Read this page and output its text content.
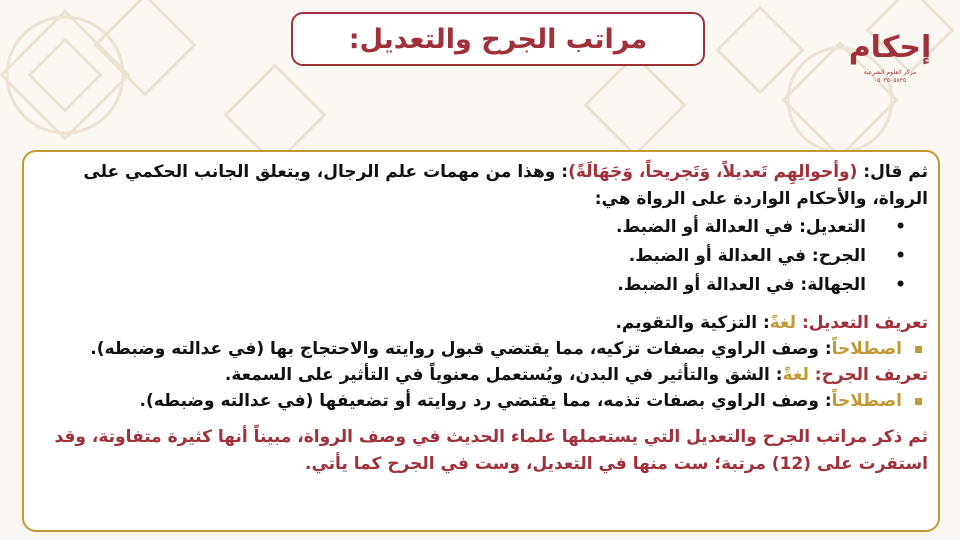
مراتب الجرح والتعديل:	إحكام
مركز العلوم الشرعية
٠٥٠٣٥٠٥٨٣٥

ثم قال: (وأحوالِهِم تَعديلاً، وَتَجريحاً، وَجَهَالَةً): وهذا من مهمات علم الرجال، ويتعلق الجانب الحكمي على الرواة، والأحكام الواردة على الرواة هي:

• التعديل: في العدالة أو الضبط.
• الجرح: في العدالة أو الضبط.
• الجهالة: في العدالة أو الضبط.

تعريف التعديل: لغةً: التزكية والتقويم.

اصطلاحاً: وصف الراوي بصفات تزكيه، مما يقتضي قبول روايته والاحتجاج بها (في عدالته وضبطه).

تعريف الجرح: لغةً: الشق والتأثير في البدن، ويُستعمل معنوياً في التأثير على السمعة.

اصطلاحاً: وصف الراوي بصفات تذمه، مما يقتضي رد روايته أو تضعيفها (في عدالته وضبطه).

ثم ذكر مراتب الجرح والتعديل التي يستعملها علماء الحديث في وصف الرواة، مبيناً أنها كثيرة متفاوتة، وقد استقرت على (12) مرتبة؛ ست منها في التعديل، وست في الجرح كما يأتي.
